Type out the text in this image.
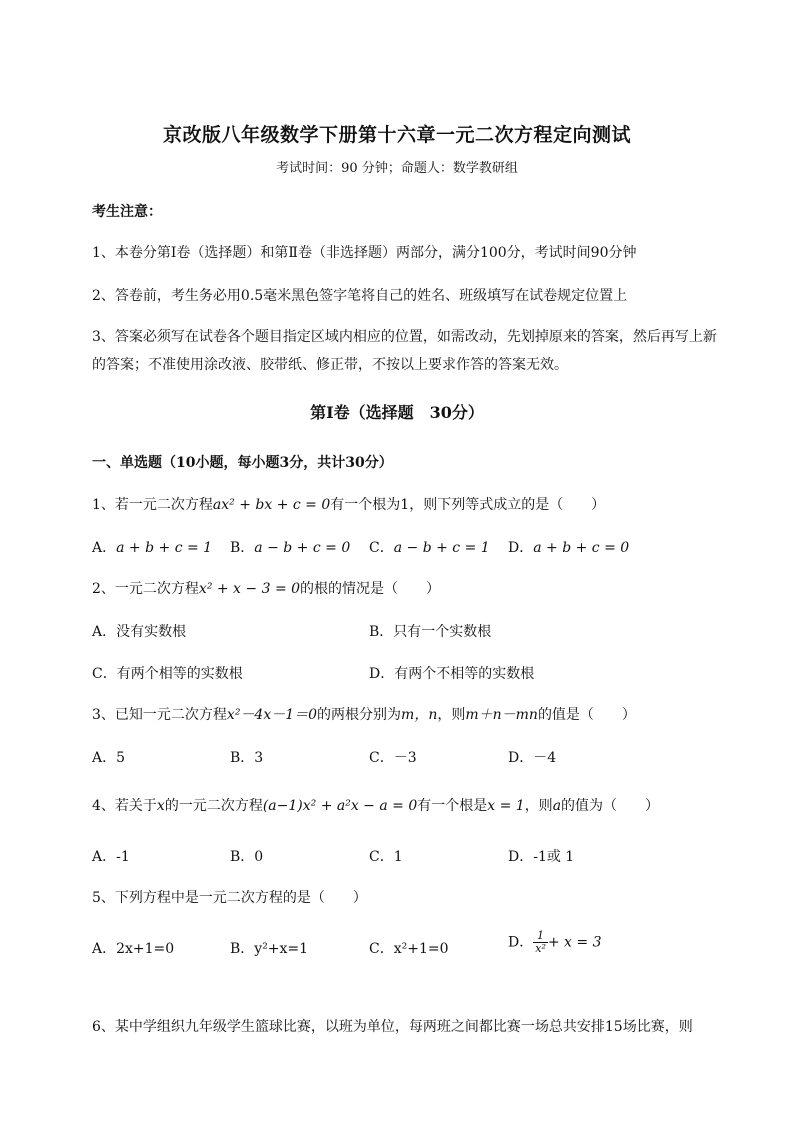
京改版八年级数学下册第十六章一元二次方程定向测试
考试时间：90 分钟；命题人：数学教研组
考生注意：
1、本卷分第Ⅰ卷（选择题）和第Ⅱ卷（非选择题）两部分，满分100分，考试时间90分钟
2、答卷前，考生务必用0.5毫米黑色签字笔将自己的姓名、班级填写在试卷规定位置上
3、答案必须写在试卷各个题目指定区域内相应的位置，如需改动，先划掉原来的答案，然后再写上新
的答案；不准使用涂改液、胶带纸、修正带，不按以上要求作答的答案无效。
第Ⅰ卷（选择题　30分）
一、单选题（10小题，每小题3分，共计30分）
1、若一元二次方程ax² + bx + c = 0有一个根为1，则下列等式成立的是（　　）
A．a + b + c = 1 B．a − b + c = 0 C．a − b + c = 1 D．a + b + c = 0
2、一元二次方程x² + x − 3 = 0的根的情况是（　　）
A．没有实数根	B．只有一个实数根
C．有两个相等的实数根	D．有两个不相等的实数根
3、已知一元二次方程x²－4x－1＝0的两根分别为m，n，则m＋n－mn的值是（　　）
A．5	B．3	C．－3	D．－4
4、若关于x的一元二次方程(a−1)x² + a²x − a = 0有一个根是x = 1，则a的值为（　　）
A．-1	B．0	C．1	D．-1或 1
5、下列方程中是一元二次方程的是（　　）
A．2x+1=0	B．y²+x=1	C．x²+1=0	D． $\frac{1}{\text{x²}} + x = 3$
6、某中学组织九年级学生篮球比赛，以班为单位，每两班之间都比赛一场总共安排15场比赛，则
